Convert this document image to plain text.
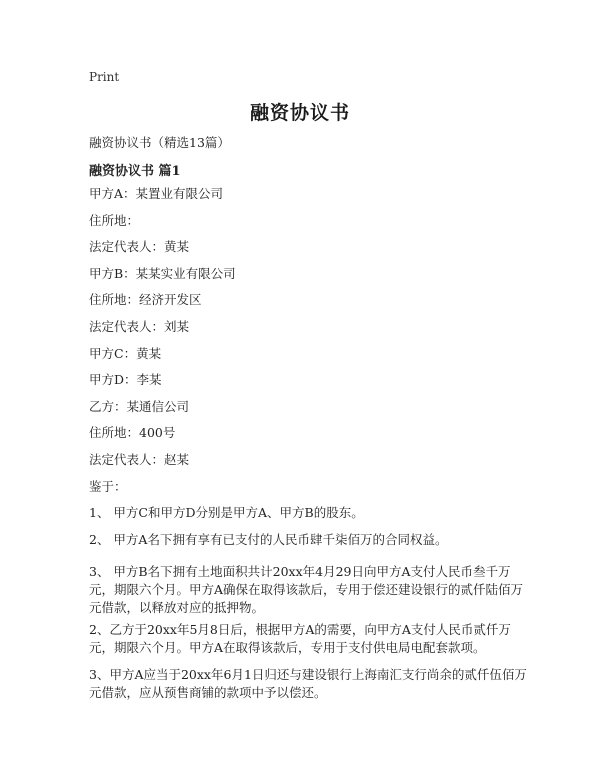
Print
融资协议书
融资协议书（精选13篇）
融资协议书 篇1
甲方A：某置业有限公司
住所地：
法定代表人：黄某
甲方B：某某实业有限公司
住所地：经济开发区
法定代表人：刘某
甲方C：黄某
甲方D：李某
乙方：某通信公司
住所地：400号
法定代表人：赵某
鉴于：
1、 甲方C和甲方D分别是甲方A、甲方B的股东。
2、 甲方A名下拥有享有已支付的人民币肆千柒佰万的合同权益。
3、 甲方B名下拥有土地面积共计20xx年4月29日向甲方A支付人民币叁千万元，期限六个月。甲方A确保在取得该款后，专用于偿还建设银行的贰仟陆佰万元借款，以释放对应的抵押物。
2、乙方于20xx年5月8日后，根据甲方A的需要，向甲方A支付人民币贰仟万元，期限六个月。甲方A在取得该款后，专用于支付供电局电配套款项。
3、甲方A应当于20xx年6月1日归还与建设银行上海南汇支行尚余的贰仟伍佰万元借款，应从预售商铺的款项中予以偿还。
